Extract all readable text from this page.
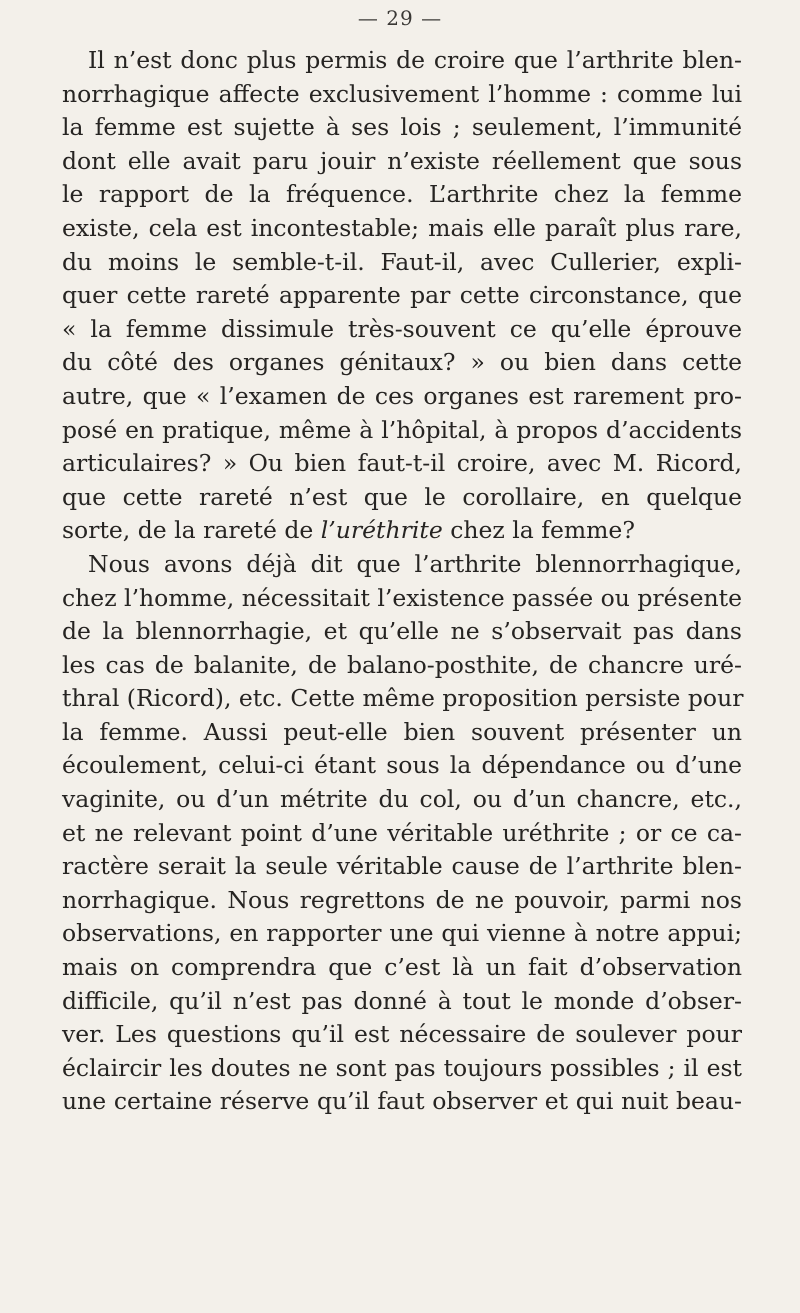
— 29 —
Il n’est donc plus permis de croire que l’arthrite blen-
norrhagique affecte exclusivement l’homme : comme lui
la femme est sujette à ses lois ; seulement, l’immunité
dont elle avait paru jouir n’existe réellement que sous
le rapport de la fréquence. L’arthrite chez la femme
existe, cela est incontestable; mais elle paraît plus rare,
du moins le semble-t-il. Faut-il, avec Cullerier, expli-
quer cette rareté apparente par cette circonstance, que
« la femme dissimule très-souvent ce qu’elle éprouve
du côté des organes génitaux? » ou bien dans cette
autre, que « l’examen de ces organes est rarement pro-
posé en pratique, même à l’hôpital, à propos d’accidents
articulaires? » Ou bien faut-t-il croire, avec M. Ricord,
que cette rareté n’est que le corollaire, en quelque
sorte, de la rareté de l’uréthrite chez la femme?
Nous avons déjà dit que l’arthrite blennorrhagique,
chez l’homme, nécessitait l’existence passée ou présente
de la blennorrhagie, et qu’elle ne s’observait pas dans
les cas de balanite, de balano-posthite, de chancre uré-
thral (Ricord), etc. Cette même proposition persiste pour
la femme. Aussi peut-elle bien souvent présenter un
écoulement, celui-ci étant sous la dépendance ou d’une
vaginite, ou d’un métrite du col, ou d’un chancre, etc.,
et ne relevant point d’une véritable uréthrite ; or ce ca-
ractère serait la seule véritable cause de l’arthrite blen-
norrhagique. Nous regrettons de ne pouvoir, parmi nos
observations, en rapporter une qui vienne à notre appui;
mais on comprendra que c’est là un fait d’observation
difficile, qu’il n’est pas donné à tout le monde d’obser-
ver. Les questions qu’il est nécessaire de soulever pour
éclaircir les doutes ne sont pas toujours possibles ; il est
une certaine réserve qu’il faut observer et qui nuit beau-
